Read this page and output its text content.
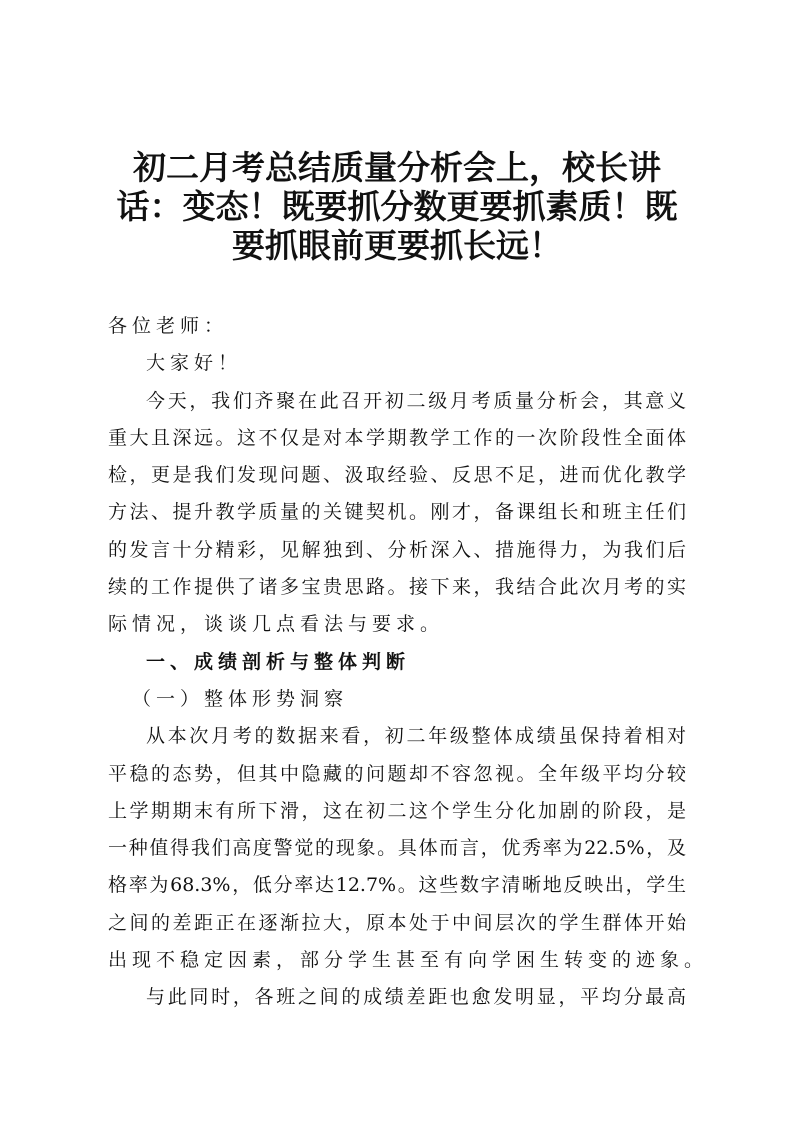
初二月考总结质量分析会上，校长讲
话：变态！既要抓分数更要抓素质！既
要抓眼前更要抓长远！
各位老师：
大家好！
今天，我们齐聚在此召开初二级月考质量分析会，其意义
重大且深远。这不仅是对本学期教学工作的一次阶段性全面体
检，更是我们发现问题、汲取经验、反思不足，进而优化教学
方法、提升教学质量的关键契机。刚才，备课组长和班主任们
的发言十分精彩，见解独到、分析深入、措施得力，为我们后
续的工作提供了诸多宝贵思路。接下来，我结合此次月考的实
际情况，谈谈几点看法与要求。
一、成绩剖析与整体判断
（一）整体形势洞察
从本次月考的数据来看，初二年级整体成绩虽保持着相对
平稳的态势，但其中隐藏的问题却不容忽视。全年级平均分较
上学期期末有所下滑，这在初二这个学生分化加剧的阶段，是
一种值得我们高度警觉的现象。具体而言，优秀率为22.5%，及
格率为68.3%，低分率达12.7%。这些数字清晰地反映出，学生
之间的差距正在逐渐拉大，原本处于中间层次的学生群体开始
出现不稳定因素，部分学生甚至有向学困生转变的迹象。
与此同时，各班之间的成绩差距也愈发明显，平均分最高
